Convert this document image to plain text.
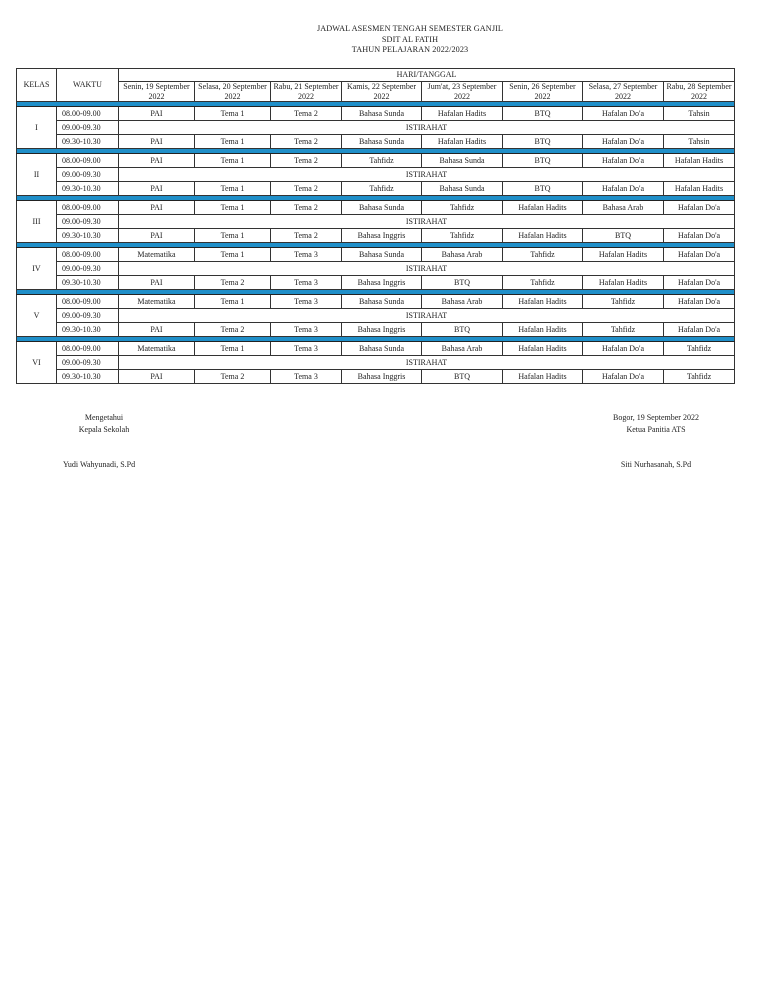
JADWAL ASESMEN TENGAH SEMESTER GANJIL
SDIT AL FATIH
TAHUN PELAJARAN 2022/2023
KELAS	WAKTU	HARI/TANGGAL							
		Senin, 19 September 2022	Selasa, 20 September 2022	Rabu, 21 September 2022	Kamis, 22 September 2022	Jum'at, 23 September 2022	Senin, 26 September 2022	Selasa, 27 September 2022	Rabu, 28 September 2022

I	08.00-09.00	PAI	Tema 1	Tema 2	Bahasa Sunda	Hafalan Hadits	BTQ	Hafalan Do'a	Tahsin
	09.00-09.30	ISTIRAHAT							
	09.30-10.30	PAI	Tema 1	Tema 2	Bahasa Sunda	Hafalan Hadits	BTQ	Hafalan Do'a	Tahsin

II	08.00-09.00	PAI	Tema 1	Tema 2	Tahfidz	Bahasa Sunda	BTQ	Hafalan Do'a	Hafalan Hadits
	09.00-09.30	ISTIRAHAT							
	09.30-10.30	PAI	Tema 1	Tema 2	Tahfidz	Bahasa Sunda	BTQ	Hafalan Do'a	Hafalan Hadits

III	08.00-09.00	PAI	Tema 1	Tema 2	Bahasa Sunda	Tahfidz	Hafalan Hadits	Bahasa Arab	Hafalan Do'a
	09.00-09.30	ISTIRAHAT							
	09.30-10.30	PAI	Tema 1	Tema 2	Bahasa Inggris	Tahfidz	Hafalan Hadits	BTQ	Hafalan Do'a

IV	08.00-09.00	Matematika	Tema 1	Tema 3	Bahasa Sunda	Bahasa Arab	Tahfidz	Hafalan Hadits	Hafalan Do'a
	09.00-09.30	ISTIRAHAT							
	09.30-10.30	PAI	Tema 2	Tema 3	Bahasa Inggris	BTQ	Tahfidz	Hafalan Hadits	Hafalan Do'a

V	08.00-09.00	Matematika	Tema 1	Tema 3	Bahasa Sunda	Bahasa Arab	Hafalan Hadits	Tahfidz	Hafalan Do'a
	09.00-09.30	ISTIRAHAT							
	09.30-10.30	PAI	Tema 2	Tema 3	Bahasa Inggris	BTQ	Hafalan Hadits	Tahfidz	Hafalan Do'a

VI	08.00-09.00	Matematika	Tema 1	Tema 3	Bahasa Sunda	Bahasa Arab	Hafalan Hadits	Hafalan Do'a	Tahfidz
	09.00-09.30	ISTIRAHAT							
	09.30-10.30	PAI	Tema 2	Tema 3	Bahasa Inggris	BTQ	Hafalan Hadits	Hafalan Do'a	Tahfidz
Mengetahui
Kepala Sekolah
Yudi Wahyunadi, S.Pd
Bogor, 19 September 2022
Ketua Panitia ATS
Siti Nurhasanah, S.Pd
